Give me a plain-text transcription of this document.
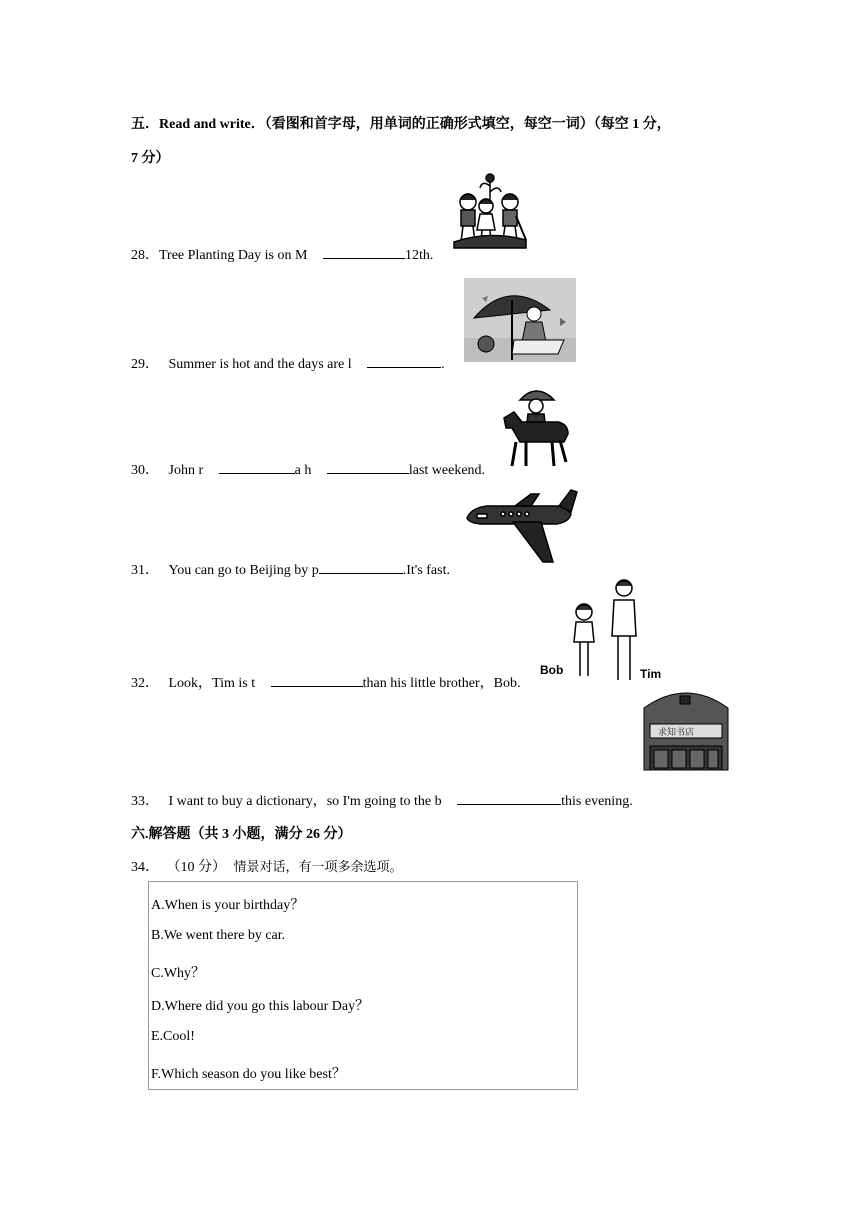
五．Read and write．（看图和首字母，用单词的正确形式填空，每空一词）（每空 1 分，
7 分）
28．Tree Planting Day is on M	12th.
29． Summer is hot and the days are l	.
30． John r	a h	last weekend.
31． You can go to Beijing by p	.It's fast.
Bob	Tim
32． Look，Tim is t	than his little brother，Bob.
求知书店
33． I want to buy a dictionary，so I'm going to the b	this evening.
六.解答题（共 3 小题，满分 26 分）
34． （10 分） 情景对话，有一项多余选项。
A.When is your birthday？
B.We went there by car.
C.Why？
D.Where did you go this labour Day？
E.Cool!
F.Which season do you like best？
